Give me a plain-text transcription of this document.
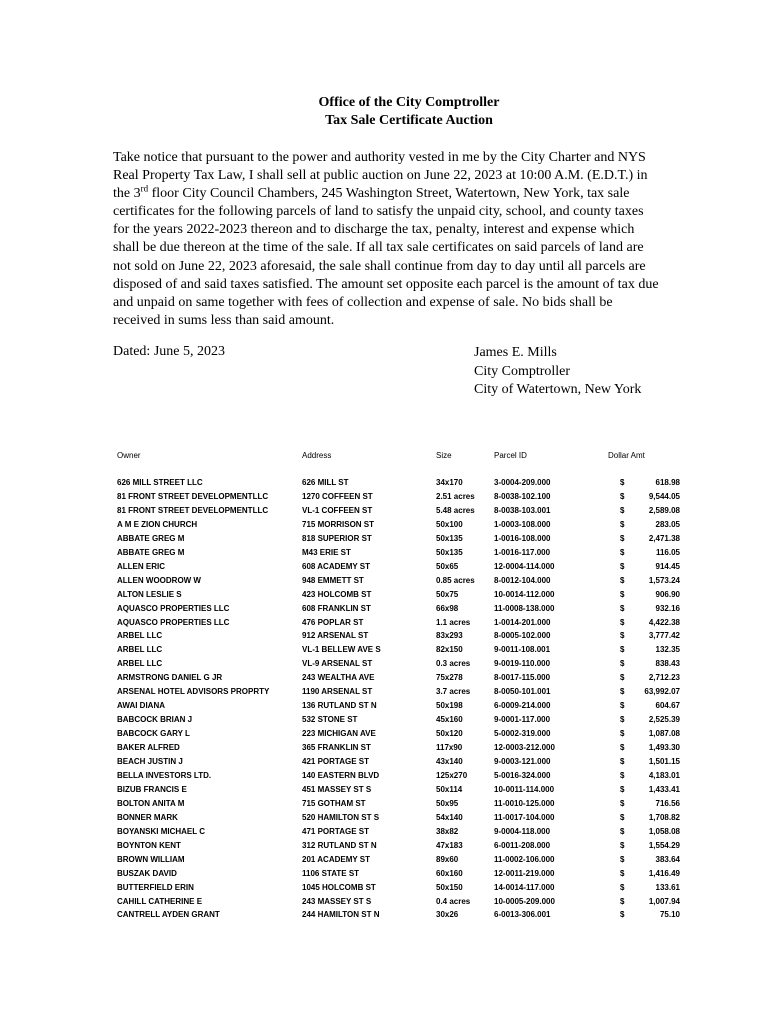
Office of the City Comptroller
Tax Sale Certificate Auction
Take notice that pursuant to the power and authority vested in me by the City Charter and NYS
Real Property Tax Law, I shall sell at public auction on June 22, 2023 at 10:00 A.M. (E.D.T.) in
the 3rd floor City Council Chambers, 245 Washington Street, Watertown, New York, tax sale
certificates for the following parcels of land to satisfy the unpaid city, school, and county taxes
for the years 2022-2023 thereon and to discharge the tax, penalty, interest and expense which
shall be due thereon at the time of the sale. If all tax sale certificates on said parcels of land are
not sold on June 22, 2023 aforesaid, the sale shall continue from day to day until all parcels are
disposed of and said taxes satisfied. The amount set opposite each parcel is the amount of tax due
and unpaid on same together with fees of collection and expense of sale. No bids shall be
received in sums less than said amount.
Dated: June 5, 2023	James E. Mills
City Comptroller
City of Watertown, New York
Owner	Address	Size	Parcel ID	Dollar Amt
626 MILL STREET LLC	626 MILL ST	34x170	3-0004-209.000	$	618.98
81 FRONT STREET DEVELOPMENTLLC	1270 COFFEEN ST	2.51 acres 8-0038-102.100	$	9,544.05
81 FRONT STREET DEVELOPMENTLLC	VL-1 COFFEEN ST	5.48 acres 8-0038-103.001	$	2,589.08
A M E ZION CHURCH	715 MORRISON ST	50x100	1-0003-108.000	$	283.05
ABBATE GREG M	818 SUPERIOR ST	50x135	1-0016-108.000	$	2,471.38
ABBATE GREG M	M43 ERIE ST	50x135	1-0016-117.000	$	116.05
ALLEN ERIC	608 ACADEMY ST	50x65	12-0004-114.000	$	914.45
ALLEN WOODROW W	948 EMMETT ST	0.85 acres 8-0012-104.000	$	1,573.24
ALTON LESLIE S	423 HOLCOMB ST	50x75	10-0014-112.000	$	906.90
AQUASCO PROPERTIES LLC	608 FRANKLIN ST	66x98	11-0008-138.000	$	932.16
AQUASCO PROPERTIES LLC	476 POPLAR ST	1.1 acres	1-0014-201.000	$	4,422.38
ARBEL LLC	912 ARSENAL ST	83x293	8-0005-102.000	$	3,777.42
ARBEL LLC	VL-1 BELLEW AVE S	82x150	9-0011-108.001	$	132.35
ARBEL LLC	VL-9 ARSENAL ST	0.3 acres	9-0019-110.000	$	838.43
ARMSTRONG DANIEL G JR	243 WEALTHA AVE	75x278	8-0017-115.000	$	2,712.23
ARSENAL HOTEL ADVISORS PROPRTY	1190 ARSENAL ST	3.7 acres	8-0050-101.001	$	63,992.07
AWAI DIANA	136 RUTLAND ST N	50x198	6-0009-214.000	$	604.67
BABCOCK BRIAN J	532 STONE ST	45x160	9-0001-117.000	$	2,525.39
BABCOCK GARY L	223 MICHIGAN AVE	50x120	5-0002-319.000	$	1,087.08
BAKER ALFRED	365 FRANKLIN ST	117x90	12-0003-212.000	$	1,493.30
BEACH JUSTIN J	421 PORTAGE ST	43x140	9-0003-121.000	$	1,501.15
BELLA INVESTORS LTD.	140 EASTERN BLVD	125x270	5-0016-324.000	$	4,183.01
BIZUB FRANCIS E	451 MASSEY ST S	50x114	10-0011-114.000	$	1,433.41
BOLTON ANITA M	715 GOTHAM ST	50x95	11-0010-125.000	$	716.56
BONNER MARK	520 HAMILTON ST S	54x140	11-0017-104.000	$	1,708.82
BOYANSKI MICHAEL C	471 PORTAGE ST	38x82	9-0004-118.000	$	1,058.08
BOYNTON KENT	312 RUTLAND ST N	47x183	6-0011-208.000	$	1,554.29
BROWN WILLIAM	201 ACADEMY ST	89x60	11-0002-106.000	$	383.64
BUSZAK DAVID	1106 STATE ST	60x160	12-0011-219.000	$	1,416.49
BUTTERFIELD ERIN	1045 HOLCOMB ST	50x150	14-0014-117.000	$	133.61
CAHILL CATHERINE E	243 MASSEY ST S	0.4 acres	10-0005-209.000	$	1,007.94
CANTRELL AYDEN GRANT	244 HAMILTON ST N	30x26	6-0013-306.001	$	75.10
